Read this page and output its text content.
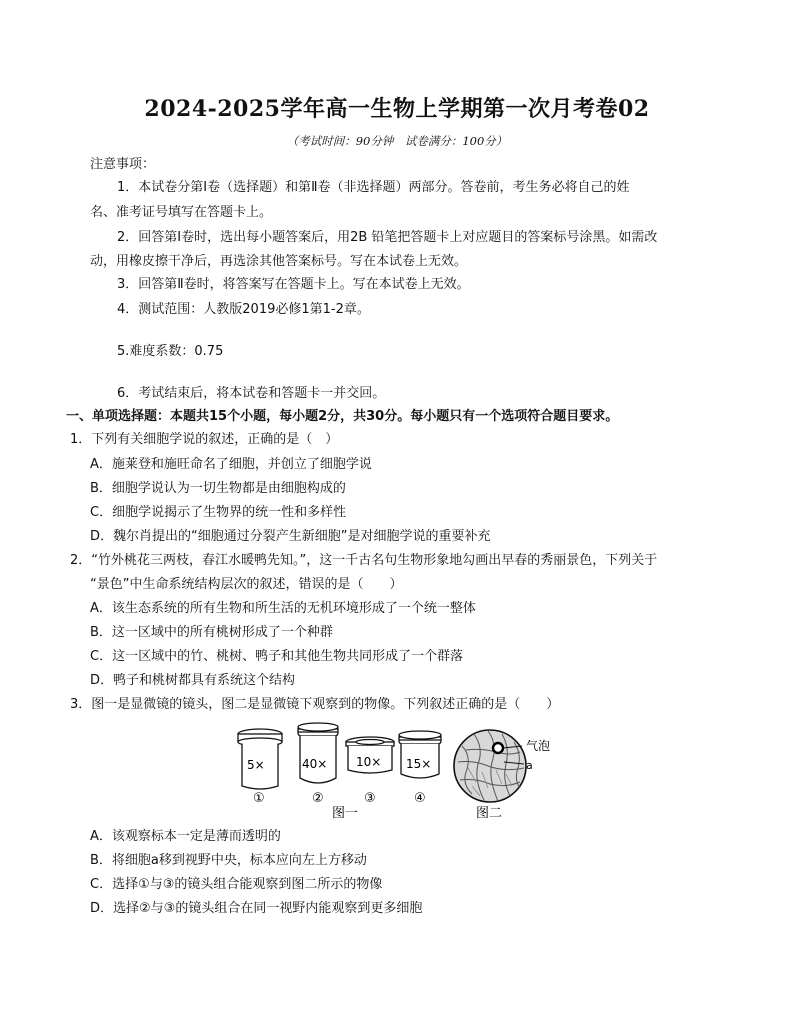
2024-2025学年高一生物上学期第一次月考卷02
（考试时间：90分钟　试卷满分：100分）
注意事项：
1．本试卷分第Ⅰ卷（选择题）和第Ⅱ卷（非选择题）两部分。答卷前，考生务必将自己的姓
名、准考证号填写在答题卡上。
2．回答第Ⅰ卷时，选出每小题答案后，用2B 铅笔把答题卡上对应题目的答案标号涂黑。如需改
动，用橡皮擦干净后，再选涂其他答案标号。写在本试卷上无效。
3．回答第Ⅱ卷时，将答案写在答题卡上。写在本试卷上无效。
4．测试范围：人教版2019必修1第1-2章。
5.难度系数：0.75
6．考试结束后，将本试卷和答题卡一并交回。
一、单项选择题：本题共15个小题，每小题2分，共30分。每小题只有一个选项符合题目要求。
1．下列有关细胞学说的叙述，正确的是（　）
A．施莱登和施旺命名了细胞，并创立了细胞学说
B．细胞学说认为一切生物都是由细胞构成的
C．细胞学说揭示了生物界的统一性和多样性
D．魏尔肖提出的“细胞通过分裂产生新细胞”是对细胞学说的重要补充
2．“竹外桃花三两枝，春江水暖鸭先知。”，这一千古名句生物形象地勾画出早春的秀丽景色，下列关于
“景色”中生命系统结构层次的叙述，错误的是（　　）
A．该生态系统的所有生物和所生活的无机环境形成了一个统一整体
B．这一区域中的所有桃树形成了一个种群
C．这一区域中的竹、桃树、鸭子和其他生物共同形成了一个群落
D．鸭子和桃树都具有系统这个结构
3．图一是显微镜的镜头，图二是显微镜下观察到的物像。下列叙述正确的是（　　）
5×
①
40×
②
10×
③
15×
④
图一
气泡
a
图二
A．该观察标本一定是薄而透明的
B．将细胞a移到视野中央，标本应向左上方移动
C．选择①与③的镜头组合能观察到图二所示的物像
D．选择②与③的镜头组合在同一视野内能观察到更多细胞
